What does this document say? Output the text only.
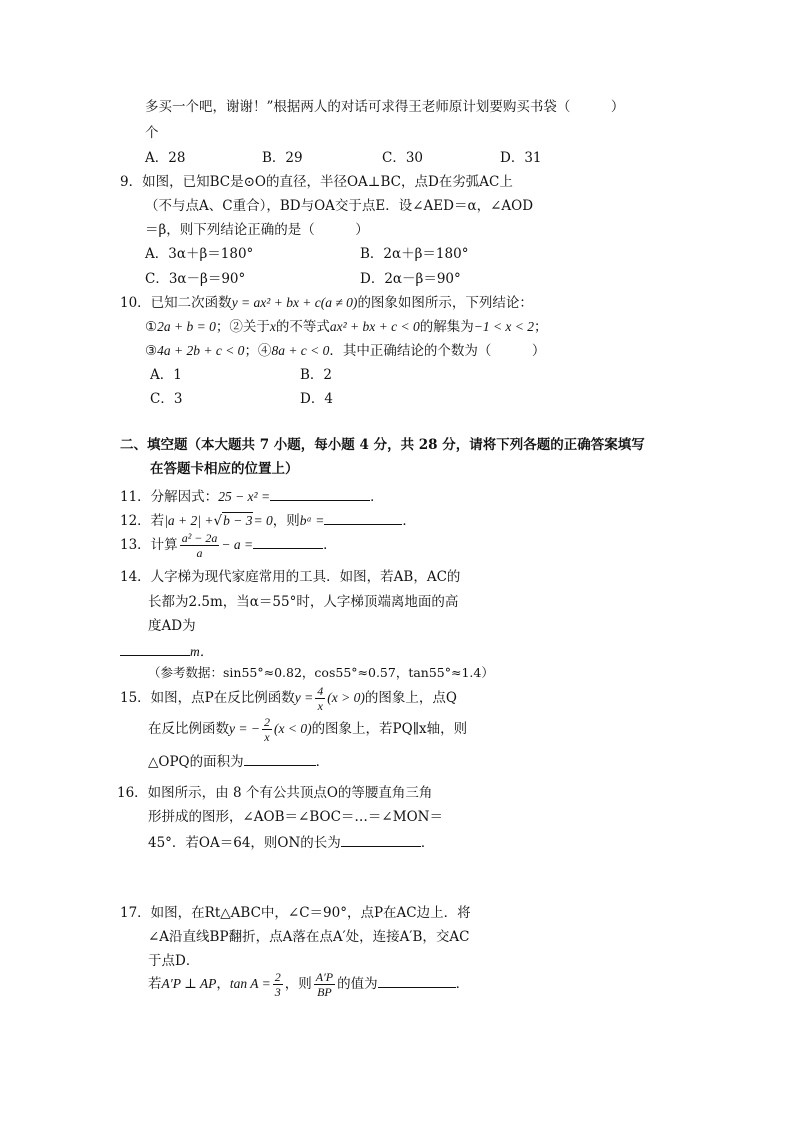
多买一个吧，谢谢！”根据两人的对话可求得王老师原计划要购买书袋（　　　）
个
A．28	B．29	C．30	D．31
9．如图，已知BC是⊙O的直径，半径OA⊥BC，点D在劣弧AC上
（不与点A、C重合），BD与OA交于点E．设∠AED＝α，∠AOD
＝β，则下列结论正确的是（　　　）
A．3α＋β＝180°	B．2α＋β＝180°
C．3α－β＝90°	D．2α－β＝90°
10．已知二次函数y = ax² + bx + c(a ≠ 0)的图象如图所示，下列结论：
①2a + b = 0；②关于x的不等式ax² + bx + c < 0的解集为−1 < x < 2；
③4a + 2b + c < 0；④8a + c < 0．其中正确结论的个数为（　　　）
A．1	B．2
C．3	D．4
二、填空题（本大题共 7 小题，每小题 4 分，共 28 分，请将下列各题的正确答案填写
在答题卡相应的位置上）
11．分解因式：25 − x² =	．
12．若|a + 2| +√b − 3= 0，则bᵃ =	．
13．计算 $\frac{\text{a² − 2a}}{a} - a$ =	．
14．人字梯为现代家庭常用的工具．如图，若AB，AC的
长都为2.5m，当α＝55°时，人字梯顶端离地面的高
度AD为
m．
（参考数据：sin55°≈0.82，cos55°≈0.57，tan55°≈1.4）
15．如图，点P在反比例函数$y = \frac{4}{x} (x > 0)$的图象上，点Q
在反比例函数y = − $\frac{2}{x} (x < 0)$的图象上，若PQ∥x轴，则
△OPQ的面积为	．
16．如图所示，由 8 个有公共顶点O的等腰直角三角
形拼成的图形，∠AOB＝∠BOC＝…＝∠MON＝
45°．若OA＝64，则ON的长为	．
17．如图，在Rt△ABC中，∠C＝90°，点P在AC边上．将
∠A沿直线BP翻折，点A落在点A′处，连接A′B，交AC
于点D．
若A′P ⊥ AP，$\tan A = \frac{2}{3}$ ，则 $\frac{A'P}{BP}$ 的值为	．
